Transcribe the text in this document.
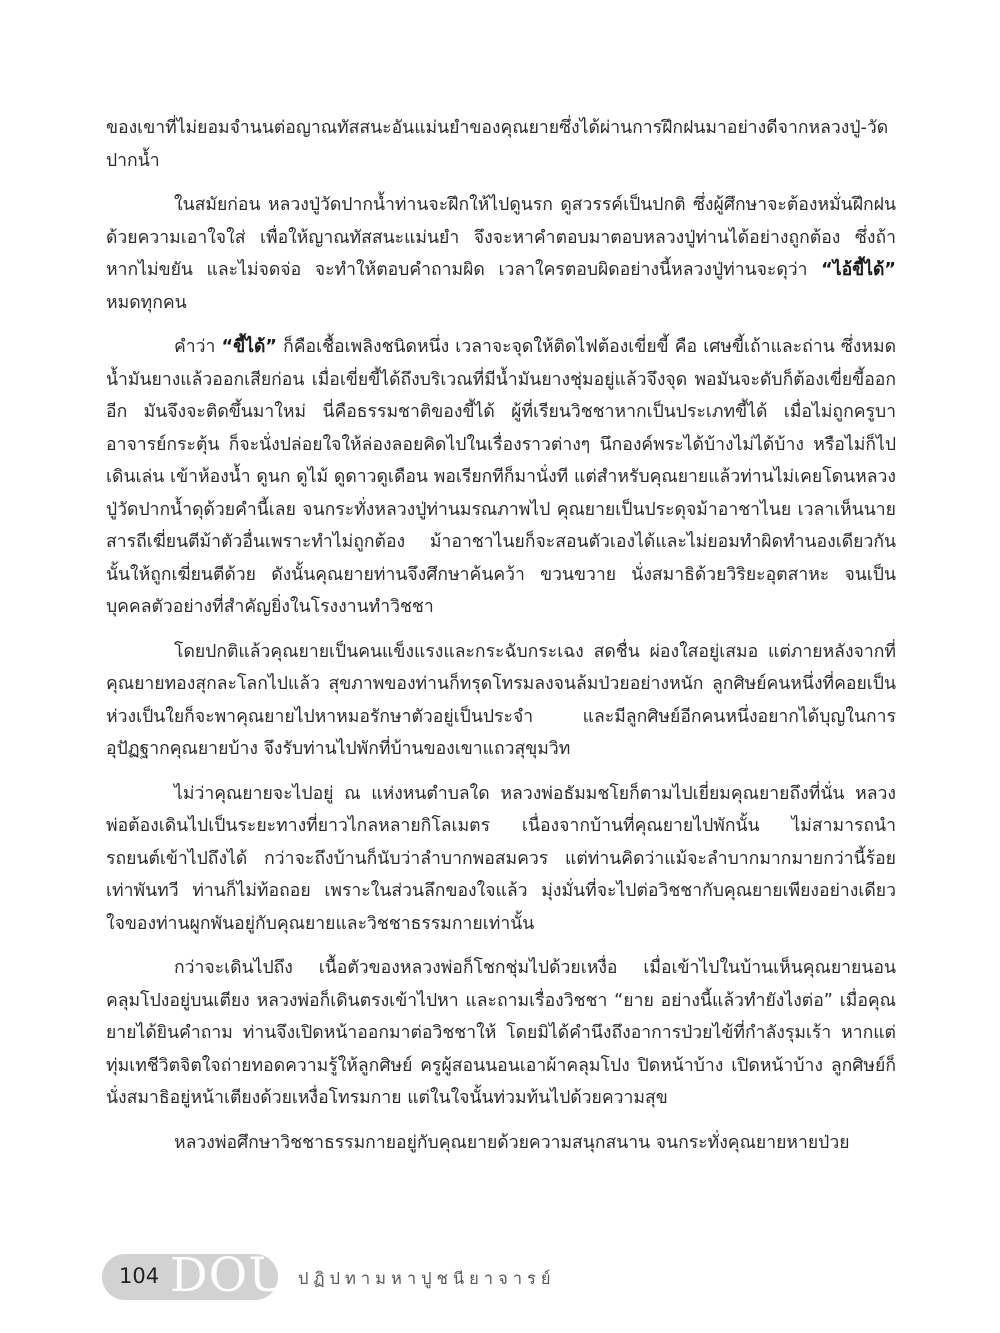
ของเขาที่ไม่ยอมจำนนต่อญาณทัสสนะอันแม่นยำของคุณยายซึ่งได้ผ่านการฝึกฝนมาอย่างดีจากหลวงปู่-วัดปากน้ำ

ในสมัยก่อน หลวงปู่วัดปากน้ำท่านจะฝึกให้ไปดูนรก ดูสวรรค์เป็นปกติ ซึ่งผู้ศึกษาจะต้องหมั่นฝึกฝนด้วยความเอาใจใส่ เพื่อให้ญาณทัสสนะแม่นยำ จึงจะหาคำตอบมาตอบหลวงปู่ท่านได้อย่างถูกต้อง ซึ่งถ้าหากไม่ขยัน และไม่จดจ่อ จะทำให้ตอบคำถามผิด เวลาใครตอบผิดอย่างนี้หลวงปู่ท่านจะดุว่า “ไอ้ขี้ได้” หมดทุกคน

คำว่า “ขี้ได้” ก็คือเชื้อเพลิงชนิดหนึ่ง เวลาจะจุดให้ติดไฟต้องเขี่ยขี้ คือ เศษขี้เถ้าและถ่าน ซึ่งหมดน้ำมันยางแล้วออกเสียก่อน เมื่อเขี่ยขี้ได้ถึงบริเวณที่มีน้ำมันยางชุ่มอยู่แล้วจึงจุด พอมันจะดับก็ต้องเขี่ยขี้ออกอีก มันจึงจะติดขึ้นมาใหม่ นี่คือธรรมชาติของขี้ได้ ผู้ที่เรียนวิชชาหากเป็นประเภทขี้ได้ เมื่อไม่ถูกครูบาอาจารย์กระตุ้น ก็จะนั่งปล่อยใจให้ล่องลอยคิดไปในเรื่องราวต่างๆ นึกองค์พระได้บ้างไม่ได้บ้าง หรือไม่ก็ไปเดินเล่น เข้าห้องน้ำ ดูนก ดูไม้ ดูดาวดูเดือน พอเรียกทีก็มานั่งที แต่สำหรับคุณยายแล้วท่านไม่เคยโดนหลวงปู่วัดปากน้ำดุด้วยคำนี้เลย จนกระทั่งหลวงปู่ท่านมรณภาพไป คุณยายเป็นประดุจม้าอาชาไนย เวลาเห็นนายสารถีเฆี่ยนตีม้าตัวอื่นเพราะทำไม่ถูกต้อง ม้าอาชาไนยก็จะสอนตัวเองได้และไม่ยอมทำผิดทำนองเดียวกันนั้นให้ถูกเฆี่ยนตีด้วย ดังนั้นคุณยายท่านจึงศึกษาค้นคว้า ขวนขวาย นั่งสมาธิด้วยวิริยะอุตสาหะ จนเป็นบุคคลตัวอย่างที่สำคัญยิ่งในโรงงานทำวิชชา

โดยปกติแล้วคุณยายเป็นคนแข็งแรงและกระฉับกระเฉง สดชื่น ผ่องใสอยู่เสมอ แต่ภายหลังจากที่คุณยายทองสุกละโลกไปแล้ว สุขภาพของท่านก็ทรุดโทรมลงจนล้มป่วยอย่างหนัก ลูกศิษย์คนหนึ่งที่คอยเป็นห่วงเป็นใยก็จะพาคุณยายไปหาหมอรักษาตัวอยู่เป็นประจำ และมีลูกศิษย์อีกคนหนึ่งอยากได้บุญในการอุปัฏฐากคุณยายบ้าง จึงรับท่านไปพักที่บ้านของเขาแถวสุขุมวิท

ไม่ว่าคุณยายจะไปอยู่ ณ แห่งหนตำบลใด หลวงพ่อธัมมชโยก็ตามไปเยี่ยมคุณยายถึงที่นั่น หลวงพ่อต้องเดินไปเป็นระยะทางที่ยาวไกลหลายกิโลเมตร เนื่องจากบ้านที่คุณยายไปพักนั้น ไม่สามารถนำรถยนต์เข้าไปถึงได้ กว่าจะถึงบ้านก็นับว่าลำบากพอสมควร แต่ท่านคิดว่าแม้จะลำบากมากมายกว่านี้ร้อยเท่าพันทวี ท่านก็ไม่ท้อถอย เพราะในส่วนลึกของใจแล้ว มุ่งมั่นที่จะไปต่อวิชชากับคุณยายเพียงอย่างเดียว ใจของท่านผูกพันอยู่กับคุณยายและวิชชาธรรมกายเท่านั้น

กว่าจะเดินไปถึง เนื้อตัวของหลวงพ่อก็โชกชุ่มไปด้วยเหงื่อ เมื่อเข้าไปในบ้านเห็นคุณยายนอนคลุมโปงอยู่บนเตียง หลวงพ่อก็เดินตรงเข้าไปหา และถามเรื่องวิชชา “ยาย อย่างนี้แล้วทำยังไงต่อ” เมื่อคุณยายได้ยินคำถาม ท่านจึงเปิดหน้าออกมาต่อวิชชาให้ โดยมิได้คำนึงถึงอาการป่วยไข้ที่กำลังรุมเร้า หากแต่ทุ่มเทชีวิตจิตใจถ่ายทอดความรู้ให้ลูกศิษย์ ครูผู้สอนนอนเอาผ้าคลุมโปง ปิดหน้าบ้าง เปิดหน้าบ้าง ลูกศิษย์ก็นั่งสมาธิอยู่หน้าเตียงด้วยเหงื่อโทรมกาย แต่ในใจนั้นท่วมท้นไปด้วยความสุข

หลวงพ่อศึกษาวิชชาธรรมกายอยู่กับคุณยายด้วยความสนุกสนาน จนกระทั่งคุณยายหายป่วย

104 DOU ปฏิปทามหาปูชนียาจารย์
